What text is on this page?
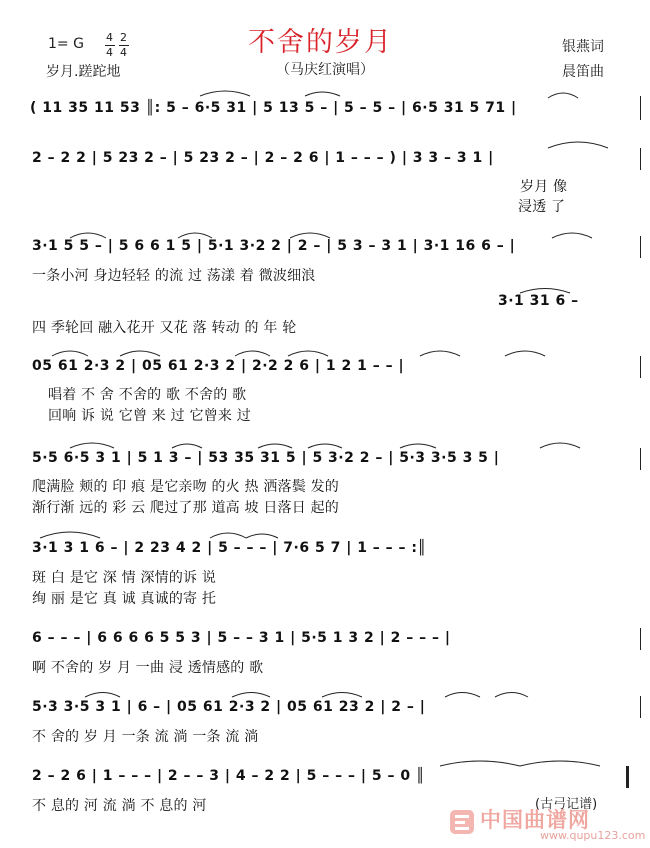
不舍的岁月
（马庆红演唱）
1= G 4
4
2
4
岁月.蹉跎地
银燕词
晨笛曲
( 11 35 11 53 ║: 5 – 6·5 31 | 5 13 5 – | 5 – 5 – | 6·5 31 5 71 |
2 – 2 2 | 5 23 2 – | 5 23 2 – | 2 – 2 6 | 1 – – – ) | 3 3 – 3 1 |
岁月 像
浸透 了
3·1 5 5 – | 5 6 6 1 5 | 5·1 3·2 2 | 2 – | 5 3 – 3 1 | 3·1 16 6 – |
一条小河 身边轻轻 的流 过 荡漾 着 微波细浪
3·1 31 6 –
四 季轮回 融入花开 又花 落 转动 的 年 轮
05 61 2·3 2 | 05 61 2·3 2 | 2·2 2 6 | 1 2 1 – – |
唱着 不 舍 不舍的 歌 不舍的 歌
回响 诉 说 它曾 来 过 它曾来 过
5·5 6·5 3 1 | 5 1 3 – | 53 35 31 5 | 5 3·2 2 – | 5·3 3·5 3 5 |
爬满脸 颊的 印 痕 是它亲吻 的火 热 洒落鬓 发的
渐行渐 远的 彩 云 爬过了那 道高 坡 日落日 起的
3·1 3 1 6 – | 2 23 4 2 | 5 – – – | 7·6 5 7 | 1 – – – :║
斑 白 是它 深 情 深情的诉 说
绚 丽 是它 真 诚 真诚的寄 托
6 – – – | 6 6 6 6 5 5 3 | 5 – – 3 1 | 5·5 1 3 2 | 2 – – – |
啊 不舍的 岁 月 一曲 浸 透情感的 歌
5·3 3·5 3 1 | 6 – | 05 61 2·3 2 | 05 61 23 2 | 2 – |
不 舍的 岁 月 一条 流 淌 一条 流 淌
2 – 2 6 | 1 – – – | 2 – – 3 | 4 – 2 2 | 5 – – – | 5 – 0 ║
不 息的 河 流 淌 不 息的 河	(古弓记谱)
中国曲谱网
www.qupu123.com
